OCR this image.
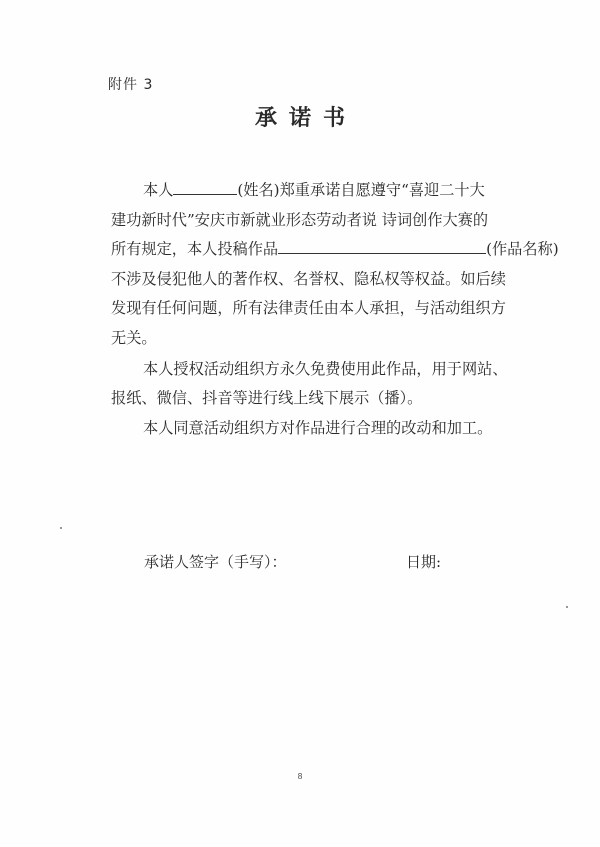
附件 3
承诺书
本人	(姓名)郑重承诺自愿遵守“喜迎二十大
建功新时代”安庆市新就业形态劳动者说 诗词创作大赛的
所有规定，本人投稿作品	(作品名称)
不涉及侵犯他人的著作权、名誉权、隐私权等权益。如后续
发现有任何问题，所有法律责任由本人承担，与活动组织方
无关。
本人授权活动组织方永久免费使用此作品，用于网站、
报纸、微信、抖音等进行线上线下展示（播）。
本人同意活动组织方对作品进行合理的改动和加工。
承诺人签字（手写）：	日期:
8
